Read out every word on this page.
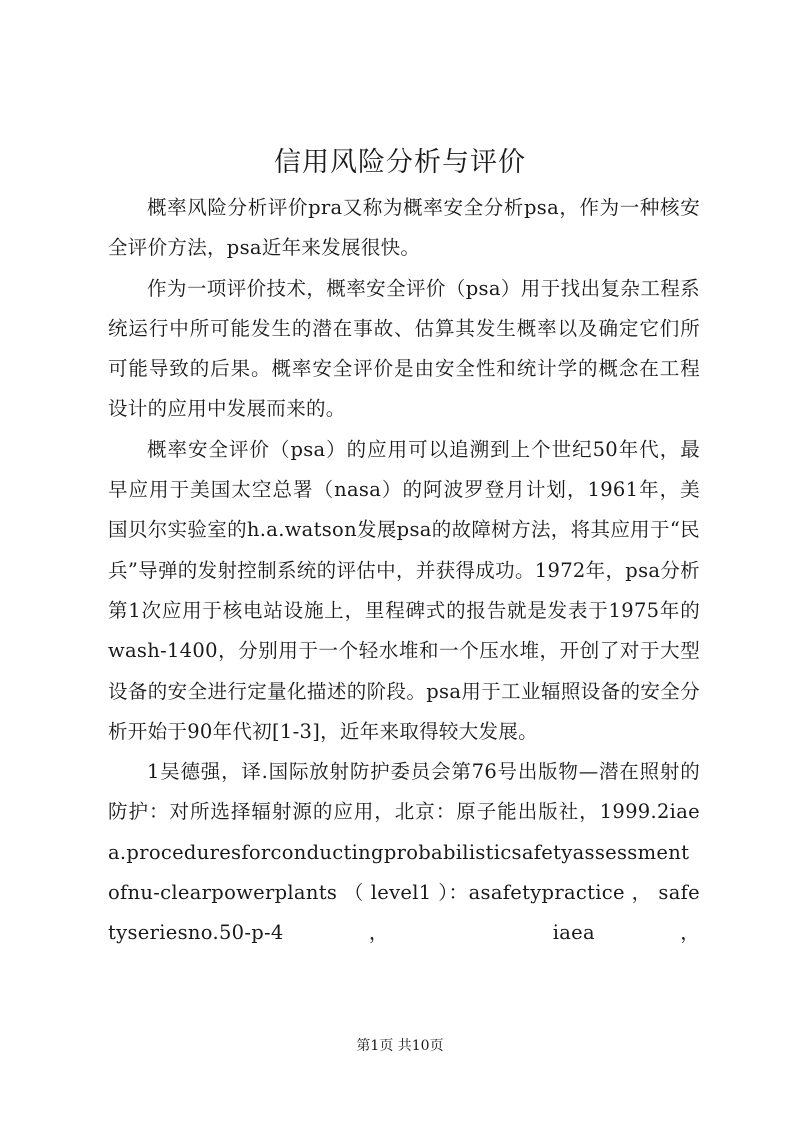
信用风险分析与评价

概率风险分析评价pra又称为概率安全分析psa，作为一种核安全评价方法，psa近年来发展很快。

作为一项评价技术，概率安全评价（psa）用于找出复杂工程系统运行中所可能发生的潜在事故、估算其发生概率以及确定它们所可能导致的后果。概率安全评价是由安全性和统计学的概念在工程设计的应用中发展而来的。

概率安全评价（psa）的应用可以追溯到上个世纪50年代，最早应用于美国太空总署（nasa）的阿波罗登月计划，1961年，美国贝尔实验室的h.a.watson发展psa的故障树方法，将其应用于“民兵”导弹的发射控制系统的评估中，并获得成功。1972年，psa分析第1次应用于核电站设施上，里程碑式的报告就是发表于1975年的wash-1400，分别用于一个轻水堆和一个压水堆，开创了对于大型设备的安全进行定量化描述的阶段。psa用于工业辐照设备的安全分析开始于90年代初[1-3]，近年来取得较大发展。

1吴德强，译.国际放射防护委员会第76号出版物—潜在照射的防护：对所选择辐射源的应用，北京：原子能出版社，1999.2iaea.proceduresforconductingprobabilisticsafetyassessmentofnu-clearpowerplants （ level1 ）：asafetypractice ， safetyseriesno.50-p-4 ， iaea ，

第1页 共10页
